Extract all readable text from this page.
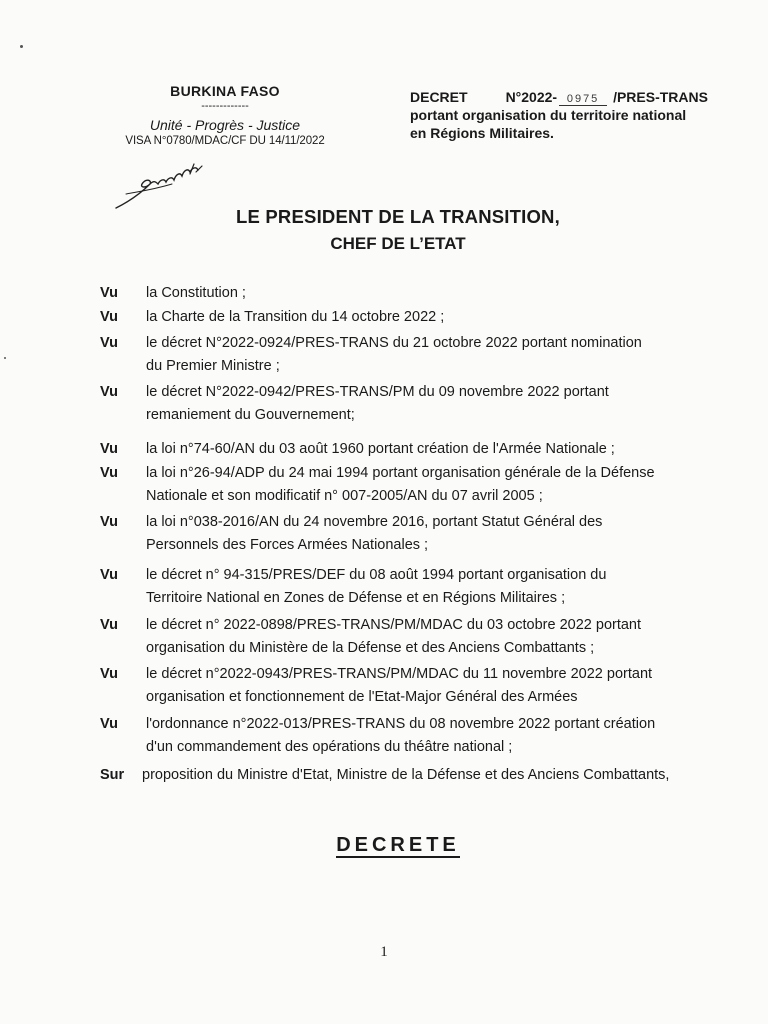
BURKINA FASO
-------------
Unité - Progrès - Justice
VISA N°0780/MDAC/CF DU 14/11/2022
DECRET	N°2022- 0975 /PRES-TRANS
portant organisation du territoire national
en Régions Militaires.
LE PRESIDENT DE LA TRANSITION,
CHEF DE L’ETAT
Vu la Constitution ;
Vu la Charte de la Transition du 14 octobre 2022 ;
Vu le décret N°2022-0924/PRES-TRANS du 21 octobre 2022 portant nomination
du Premier Ministre ;
Vu le décret N°2022-0942/PRES-TRANS/PM du 09 novembre 2022 portant
remaniement du Gouvernement;
Vu la loi n°74-60/AN du 03 août 1960 portant création de l'Armée Nationale ;
Vu la loi n°26-94/ADP du 24 mai 1994 portant organisation générale de la Défense
Nationale et son modificatif n° 007-2005/AN du 07 avril 2005 ;
Vu la loi n°038-2016/AN du 24 novembre 2016, portant Statut Général des
Personnels des Forces Armées Nationales ;
Vu le décret n° 94-315/PRES/DEF du 08 août 1994 portant organisation du
Territoire National en Zones de Défense et en Régions Militaires ;
Vu le décret n° 2022-0898/PRES-TRANS/PM/MDAC du 03 octobre 2022 portant
organisation du Ministère de la Défense et des Anciens Combattants ;
Vu le décret n°2022-0943/PRES-TRANS/PM/MDAC du 11 novembre 2022 portant
organisation et fonctionnement de l'Etat-Major Général des Armées
Vu l'ordonnance n°2022-013/PRES-TRANS du 08 novembre 2022 portant création
d'un commandement des opérations du théâtre national ;
Sur proposition du Ministre d'Etat, Ministre de la Défense et des Anciens Combattants,
DECRETE
1
